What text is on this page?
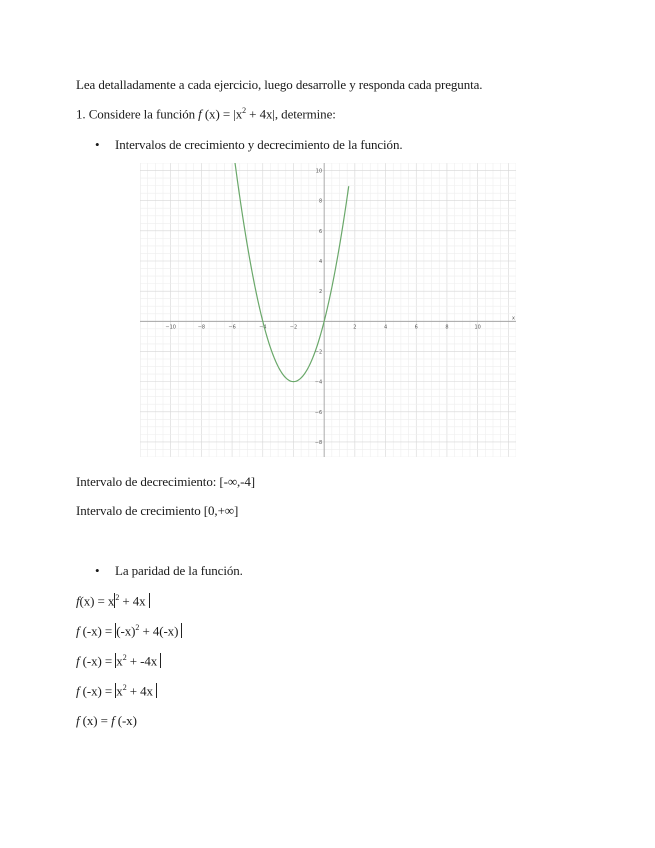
Lea detalladamente a cada ejercicio, luego desarrolle y responda cada pregunta.
1. Considere la función f $(x) = |x^2 + 4x|$, determine:
•
Intervalos de crecimiento y decrecimiento de la función.
−10	−8	−6	−4	−2	2	4	6	8	10
10
8
6
4
2
−2
−4
−6
−8
x
Intervalo de decrecimiento: [-∞,-4]
Intervalo de crecimiento [0,+∞]
•
La paridad de la función.
$f(x) = x^2 + 4x$
f $(-x) = (-x)^2 + 4(-x)$
f $(-x) = x^2 + -4x$
f $(-x) = x^2 + 4x$
f (x) = f (-x)
